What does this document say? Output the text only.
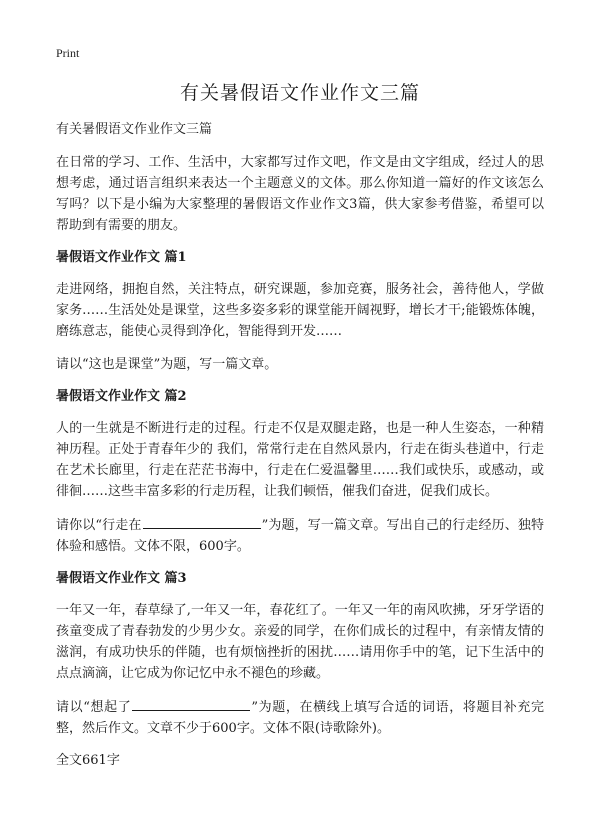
Print
有关暑假语文作业作文三篇

有关暑假语文作业作文三篇

在日常的学习、工作、生活中，大家都写过作文吧，作文是由文字组成，经过人的思想考虑，通过语言组织来表达一个主题意义的文体。那么你知道一篇好的作文该怎么写吗？以下是小编为大家整理的暑假语文作业作文3篇，供大家参考借鉴，希望可以帮助到有需要的朋友。

暑假语文作业作文 篇1

走进网络，拥抱自然，关注特点，研究课题，参加竞赛，服务社会，善待他人，学做家务……生活处处是课堂，这些多姿多彩的课堂能开阔视野，增长才干;能锻炼体魄，磨练意志，能使心灵得到净化，智能得到开发……

请以“这也是课堂”为题，写一篇文章。

暑假语文作业作文 篇2

人的一生就是不断进行走的过程。行走不仅是双腿走路，也是一种人生姿态，一种精神历程。正处于青春年少的 我们，常常行走在自然风景内，行走在街头巷道中，行走在艺术长廊里，行走在茫茫书海中，行走在仁爱温馨里……我们或快乐，或感动，或徘徊……这些丰富多彩的行走历程，让我们顿悟，催我们奋进，促我们成长。

请你以“行走在	”为题，写一篇文章。写出自己的行走经历、独特体验和感悟。文体不限，600字。

暑假语文作业作文 篇3

一年又一年，春草绿了,一年又一年，春花红了。一年又一年的南风吹拂，牙牙学语的孩童变成了青春勃发的少男少女。亲爱的同学，在你们成长的过程中，有亲情友情的滋润，有成功快乐的伴随，也有烦恼挫折的困扰……请用你手中的笔，记下生活中的点点滴滴，让它成为你记忆中永不褪色的珍藏。

请以“想起了	”为题，在横线上填写合适的词语，将题目补充完整，然后作文。文章不少于600字。文体不限(诗歌除外)。

全文661字
